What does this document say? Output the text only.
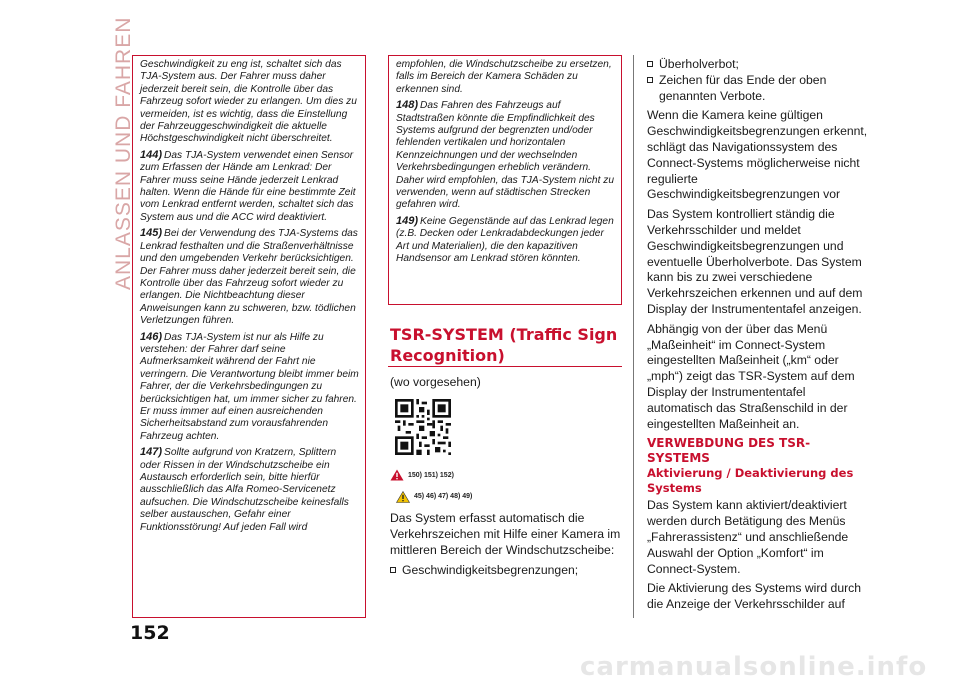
ANLASSEN UND FAHREN Geschwindigkeit zu eng ist, schaltet sich das TJA-System aus. Der Fahrer muss daher jederzeit bereit sein, die Kontrolle über das Fahrzeug sofort wieder zu erlangen. Um dies zu vermeiden, ist es wichtig, dass die Einstellung der Fahrzeuggeschwindigkeit die aktuelle Höchstgeschwindigkeit nicht überschreitet.

144) Das TJA-System verwendet einen Sensor zum Erfassen der Hände am Lenkrad: Der Fahrer muss seine Hände jederzeit Lenkrad halten. Wenn die Hände für eine bestimmte Zeit vom Lenkrad entfernt werden, schaltet sich das System aus und die ACC wird deaktiviert.

145) Bei der Verwendung des TJA-Systems das Lenkrad festhalten und die Straßenverhältnisse und den umgebenden Verkehr berücksichtigen. Der Fahrer muss daher jederzeit bereit sein, die Kontrolle über das Fahrzeug sofort wieder zu erlangen. Die Nichtbeachtung dieser Anweisungen kann zu schweren, bzw. tödlichen Verletzungen führen.

146) Das TJA-System ist nur als Hilfe zu verstehen: der Fahrer darf seine Aufmerksamkeit während der Fahrt nie verringern. Die Verantwortung bleibt immer beim Fahrer, der die Verkehrsbedingungen zu berücksichtigen hat, um immer sicher zu fahren. Er muss immer auf einen ausreichenden Sicherheitsabstand zum vorausfahrenden Fahrzeug achten.

147) Sollte aufgrund von Kratzern, Splittern oder Rissen in der Windschutzscheibe ein Austausch erforderlich sein, bitte hierfür ausschließlich das Alfa Romeo-Servicenetz aufsuchen. Die Windschutzscheibe keinesfalls selber austauschen, Gefahr einer Funktionsstörung! Auf jeden Fall wird

empfohlen, die Windschutzscheibe zu ersetzen, falls im Bereich der Kamera Schäden zu erkennen sind.

148) Das Fahren des Fahrzeugs auf Stadtstraßen könnte die Empfindlichkeit des Systems aufgrund der begrenzten und/oder fehlenden vertikalen und horizontalen Kennzeichnungen und der wechselnden Verkehrsbedingungen erheblich verändern. Daher wird empfohlen, das TJA-System nicht zu verwenden, wenn auf städtischen Strecken gefahren wird.

149) Keine Gegenstände auf das Lenkrad legen (z.B. Decken oder Lenkradabdeckungen jeder Art und Materialien), die den kapazitiven Handsensor am Lenkrad stören könnten.

TSR-SYSTEM (Traffic Sign Recognition)
(wo vorgesehen)
150) 151) 152)
45) 46) 47) 48) 49)

Das System erfasst automatisch die Verkehrszeichen mit Hilfe einer Kamera im mittleren Bereich der Windschutzscheibe:

Geschwindigkeitsbegrenzungen;
Überholverbot;
Zeichen für das Ende der oben genannten Verbote.

Wenn die Kamera keine gültigen Geschwindigkeitsbegrenzungen erkennt, schlägt das Navigationssystem des Connect-Systems möglicherweise nicht regulierte Geschwindigkeitsbegrenzungen vor

Das System kontrolliert ständig die Verkehrsschilder und meldet Geschwindigkeitsbegrenzungen und eventuelle Überholverbote. Das System kann bis zu zwei verschiedene Verkehrszeichen erkennen und auf dem Display der Instrumententafel anzeigen.

Abhängig von der über das Menü „Maßeinheit“ im Connect-System eingestellten Maßeinheit („km“ oder „mph“) zeigt das TSR-System auf dem Display der Instrumententafel automatisch das Straßenschild in der eingestellten Maßeinheit an.

VERWEBDUNG DES TSR-SYSTEMS
Aktivierung / Deaktivierung des Systems

Das System kann aktiviert/deaktiviert werden durch Betätigung des Menüs „Fahrerassistenz“ und anschließende Auswahl der Option „Komfort“ im Connect-System.

Die Aktivierung des Systems wird durch die Anzeige der Verkehrsschilder auf

152
carmanualsonline.info
